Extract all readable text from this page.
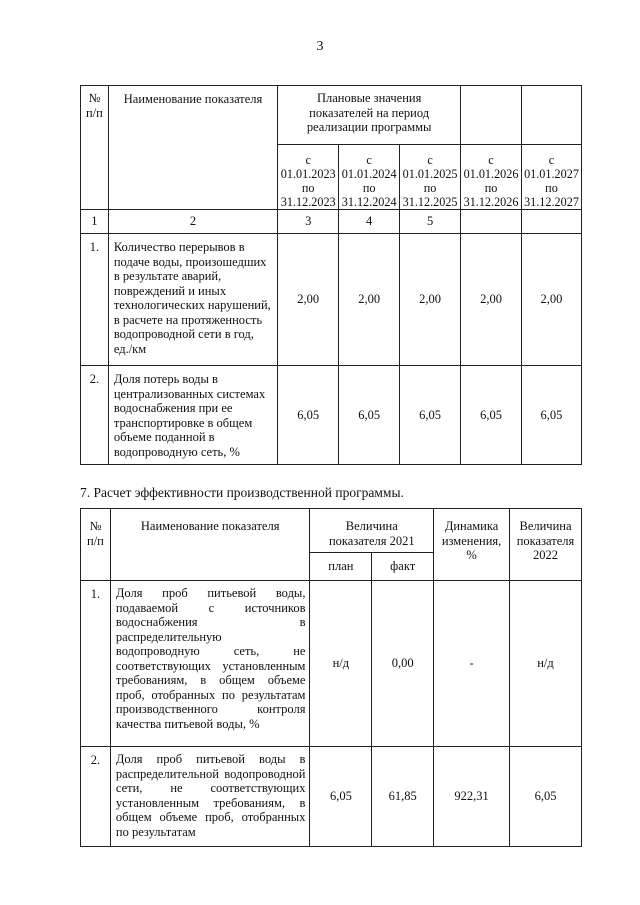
3
№
п/п	Наименование показателя	Плановые значения
показателей на период
реализации программы				
		с
01.01.2023
по
31.12.2023	с
01.01.2024
по
31.12.2024	с
01.01.2025
по
31.12.2025	с
01.01.2026
по
31.12.2026	с
01.01.2027
по
31.12.2027
1	2	3	4	5		
1.	Количество перерывов в подаче воды, произошедших в результате аварий, повреждений и иных технологических нарушений, в расчете на протяженность водопроводной сети в год, ед./км	2,00	2,00	2,00	2,00	2,00
2.	Доля потерь воды в централизованных системах водоснабжения при ее транспортировке в общем объеме поданной в водопроводную сеть, %	6,05	6,05	6,05	6,05	6,05
7. Расчет эффективности производственной программы.
№
п/п	Наименование показателя	Величина
показателя 2021		Динамика
изменения,
%	Величина
показателя
2022
		план	факт		
1.	Доля проб питьевой воды, подаваемой с источников водоснабжения в распределительную водопроводную сеть, не соответствующих установленным требованиям, в общем объеме проб, отобранных по результатам производственного контроля качества питьевой воды, %	н/д	0,00	-	н/д
2.	Доля проб питьевой воды в распределительной водопроводной сети, не соответствующих установленным требованиям, в общем объеме проб, отобранных по результатам	6,05	61,85	922,31	6,05
